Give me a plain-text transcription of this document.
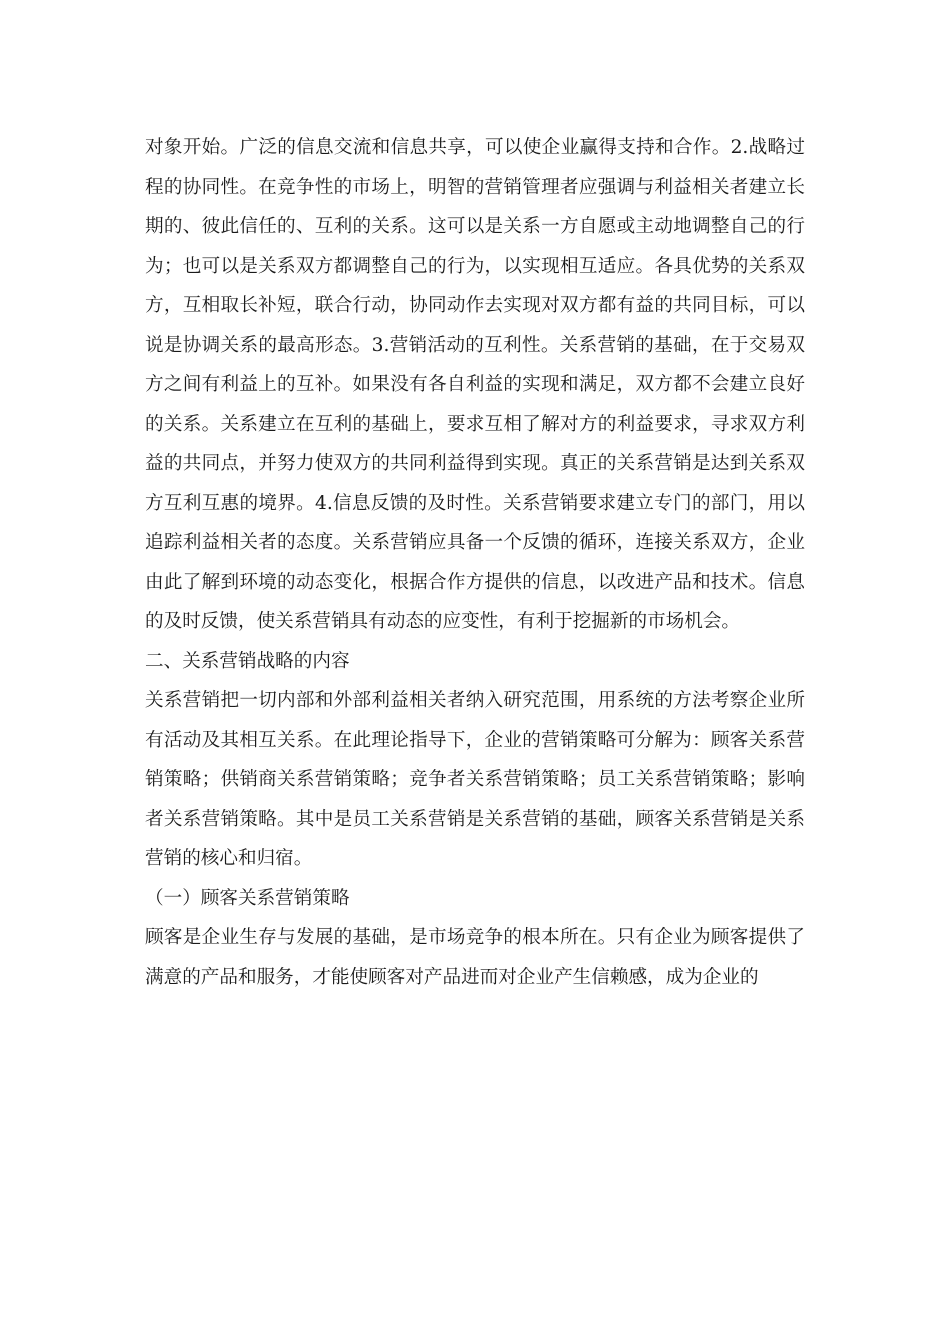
对象开始。广泛的信息交流和信息共享，可以使企业赢得支持和合作。2.战略过程的协同性。在竞争性的市场上，明智的营销管理者应强调与利益相关者建立长期的、彼此信任的、互利的关系。这可以是关系一方自愿或主动地调整自己的行为；也可以是关系双方都调整自己的行为，以实现相互适应。各具优势的关系双方，互相取长补短，联合行动，协同动作去实现对双方都有益的共同目标，可以说是协调关系的最高形态。3.营销活动的互利性。关系营销的基础，在于交易双方之间有利益上的互补。如果没有各自利益的实现和满足，双方都不会建立良好的关系。关系建立在互利的基础上，要求互相了解对方的利益要求，寻求双方利益的共同点，并努力使双方的共同利益得到实现。真正的关系营销是达到关系双方互利互惠的境界。4.信息反馈的及时性。关系营销要求建立专门的部门，用以追踪利益相关者的态度。关系营销应具备一个反馈的循环，连接关系双方，企业由此了解到环境的动态变化，根据合作方提供的信息，以改进产品和技术。信息的及时反馈，使关系营销具有动态的应变性，有利于挖掘新的市场机会。

二、关系营销战略的内容

关系营销把一切内部和外部利益相关者纳入研究范围，用系统的方法考察企业所有活动及其相互关系。在此理论指导下，企业的营销策略可分解为：顾客关系营销策略；供销商关系营销策略；竞争者关系营销策略；员工关系营销策略；影响者关系营销策略。其中是员工关系营销是关系营销的基础，顾客关系营销是关系营销的核心和归宿。

（一）顾客关系营销策略

顾客是企业生存与发展的基础，是市场竞争的根本所在。只有企业为顾客提供了满意的产品和服务，才能使顾客对产品进而对企业产生信赖感，成为企业的
